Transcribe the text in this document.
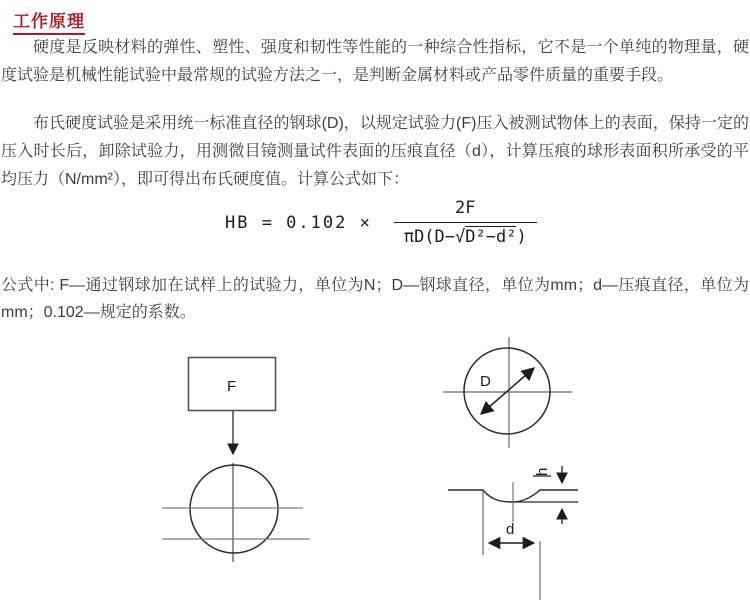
工作原理

硬度是反映材料的弹性、塑性、强度和韧性等性能的一种综合性指标，它不是一个单纯的物理量，硬度试验是机械性能试验中最常规的试验方法之一，是判断金属材料或产品零件质量的重要手段。

布氏硬度试验是采用统一标准直径的钢球(D)，以规定试验力(F)压入被测试物体上的表面，保持一定的压入时长后，卸除试验力，用测微目镜测量试件表面的压痕直径（d），计算压痕的球形表面积所承受的平均压力（N/mm²），即可得出布氏硬度值。计算公式如下：

HB = $0.102 \times \frac{2F}{\text{πD(D−√D²−d²)}}$

公式中: F—通过钢球加在试样上的试验力，单位为N；D—钢球直径，单位为mm；d—压痕直径，单位为mm；0.102—规定的系数。

F	D
h
d
